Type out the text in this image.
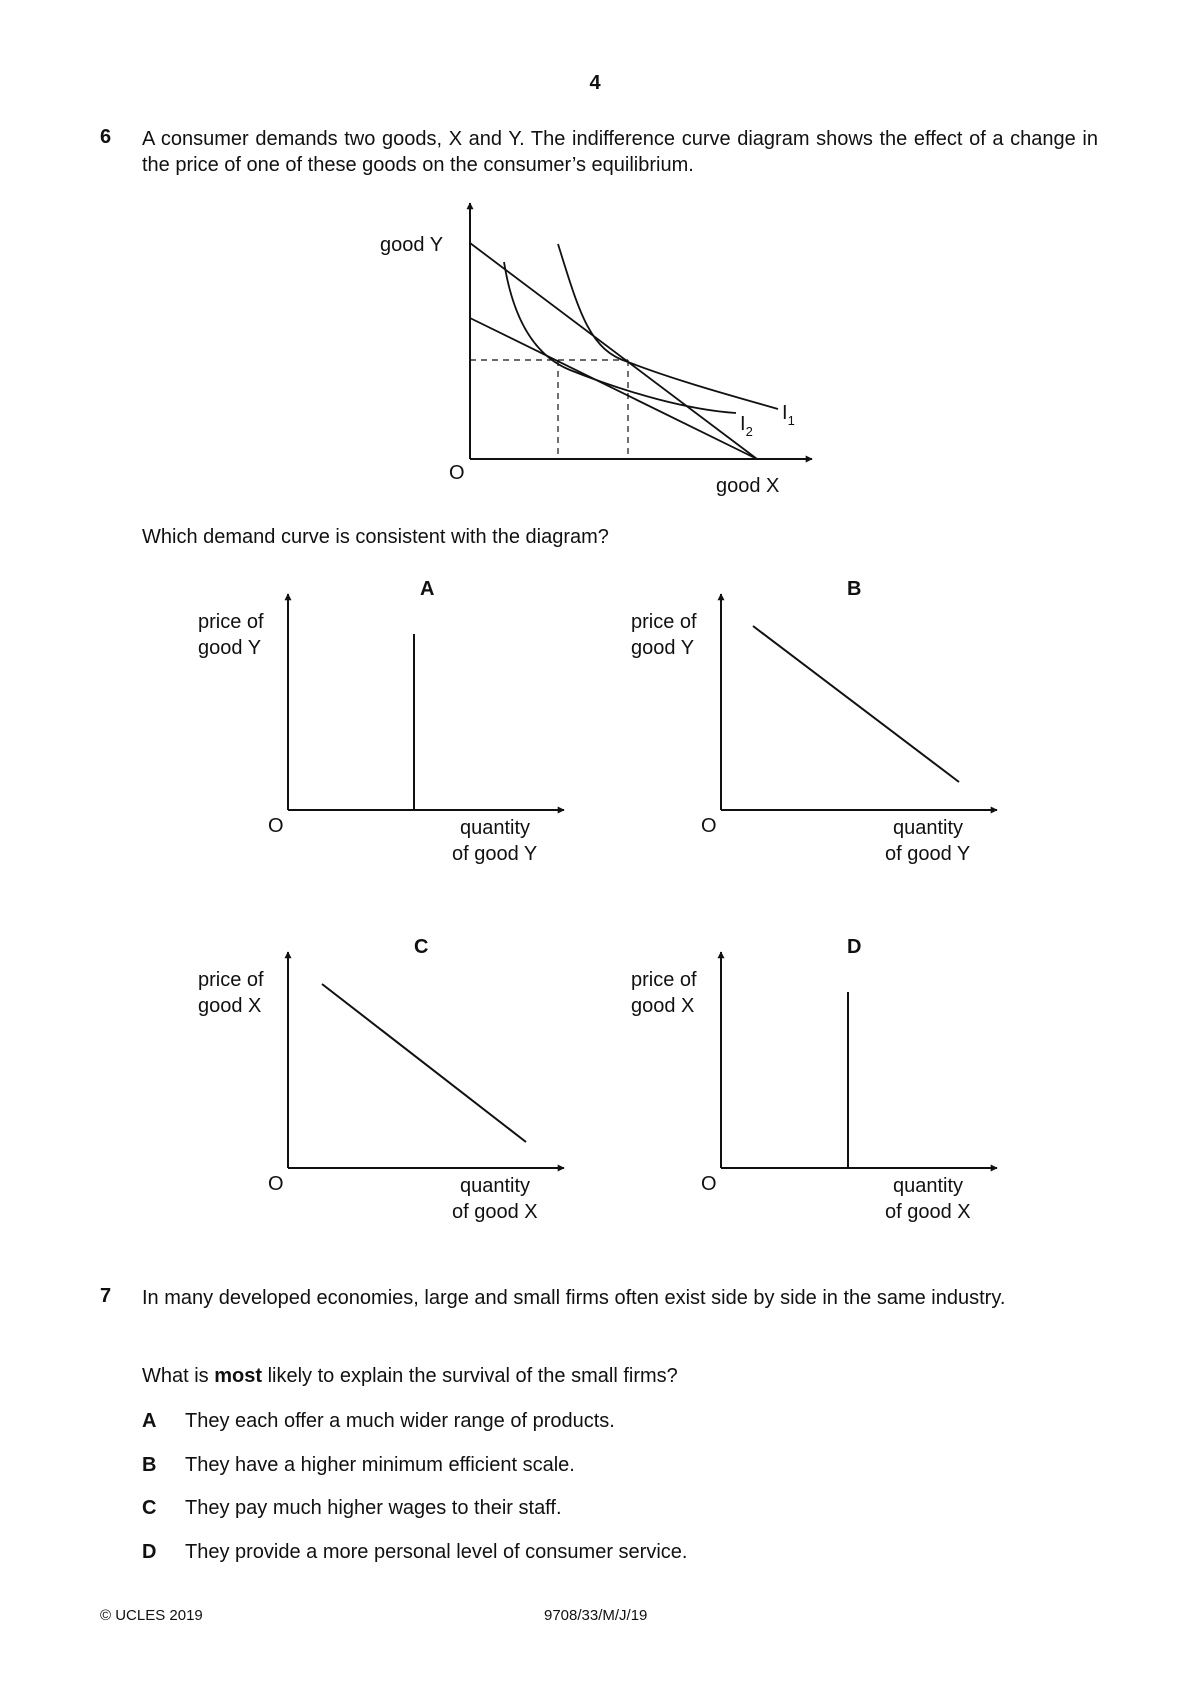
4
6 A consumer demands two goods, X and Y. The indifference curve diagram shows the effect of a change in the price of one of these goods on the consumer’s equilibrium.
good Y
good X
O
$I_1$
$I_2$
Which demand curve is consistent with the diagram?
A
price of
good Y
O	quantity
of good Y
B
price of
good Y
O	quantity
of good Y
C
price of
good X
O	quantity
of good X
D
price of
good X
O	quantity
of good X
7 In many developed economies, large and small firms often exist side by side in the same industry.
What is most likely to explain the survival of the small firms?
A They each offer a much wider range of products.
B They have a higher minimum efficient scale.
C They pay much higher wages to their staff.
D They provide a more personal level of consumer service.
© UCLES 2019	9708/33/M/J/19
